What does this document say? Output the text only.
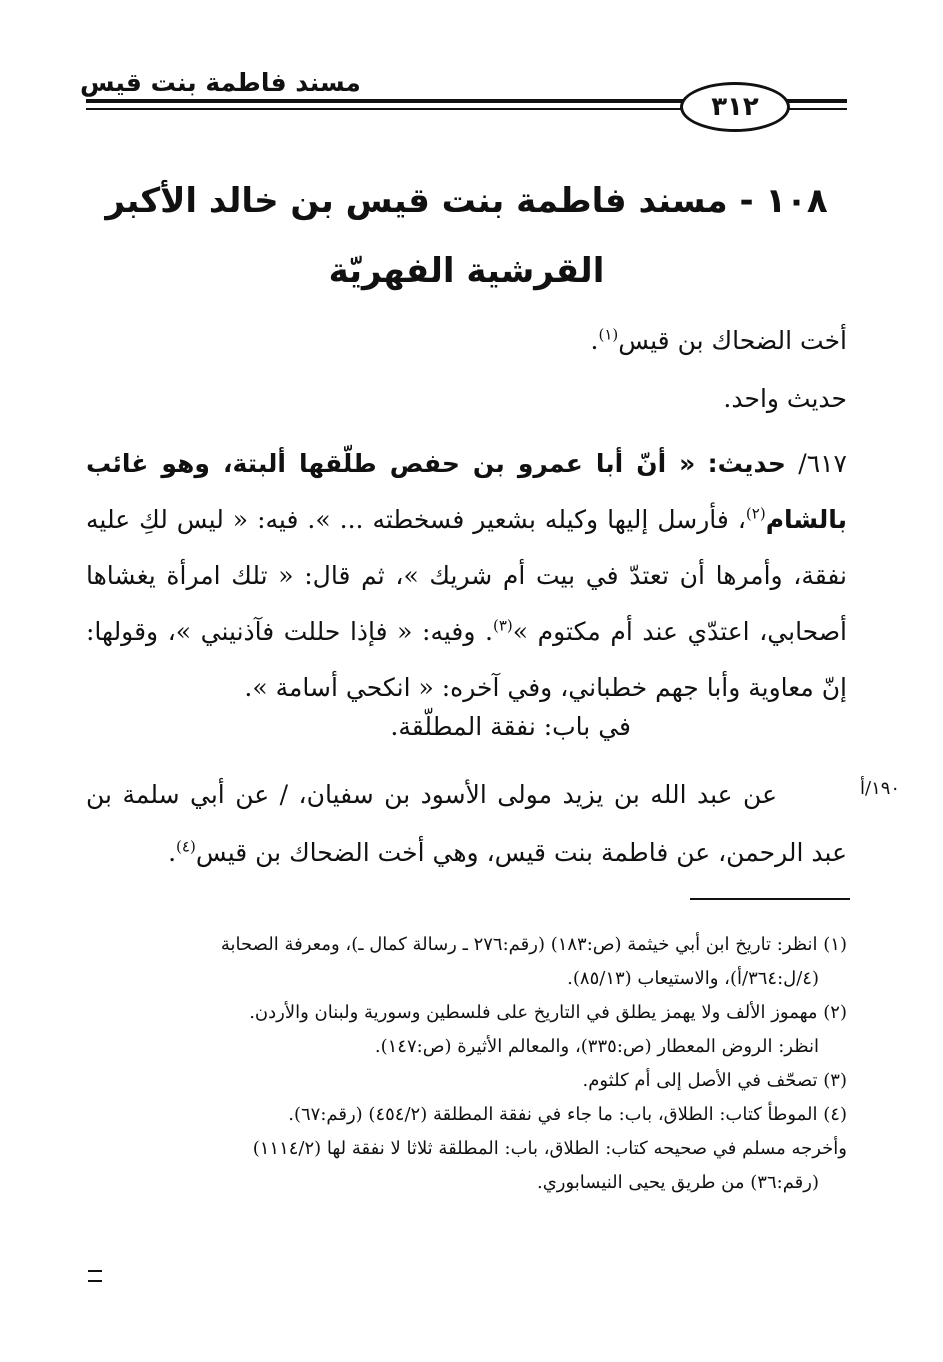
مسند فاطمة بنت قيس
٣١٢
١٠٨ - مسند فاطمة بنت قيس بن خالد الأكبر
القرشية الفهريّة
أخت الضحاك بن قيس$^{(١)}$.
حديث واحد.
٦١٧/ حديث: « أنّ أبا عمرو بن حفص طلّقها ألبتة، وهو غائب بالشام$^{(٢)}$، فأرسل إليها وكيله بشعير فسخطته ... ». فيه: « ليس لكِ عليه نفقة، وأمرها أن تعتدّ في بيت أم شريك »، ثم قال: « تلك امرأة يغشاها أصحابي، اعتدّي عند أم مكتوم »$^{(٣)}$. وفيه: « فإذا حللت فآذنيني »، وقولها: إنّ معاوية وأبا جهم خطباني، وفي آخره: « انكحي أسامة ».
في باب: نفقة المطلّقة.
١٩٠/أ
عن عبد الله بن يزيد مولى الأسود بن سفيان، / عن أبي سلمة بن عبد الرحمن، عن فاطمة بنت قيس، وهي أخت الضحاك بن قيس$^{(٤)}$.
(١) انظر: تاريخ ابن أبي خيثمة (ص:١٨٣) (رقم:٢٧٦ ـ رسالة كمال ـ)، ومعرفة الصحابة
(٤/ل:٣٦٤/أ)، والاستيعاب (٨٥/١٣).
(٢) مهموز الألف ولا يهمز يطلق في التاريخ على فلسطين وسورية ولبنان والأردن.
انظر: الروض المعطار (ص:٣٣٥)، والمعالم الأثيرة (ص:١٤٧).
(٣) تصحّف في الأصل إلى أم كلثوم.
(٤) الموطأ كتاب: الطلاق، باب: ما جاء في نفقة المطلقة (٤٥٤/٢) (رقم:٦٧).
وأخرجه مسلم في صحيحه كتاب: الطلاق، باب: المطلقة ثلاثا لا نفقة لها (١١١٤/٢)
(رقم:٣٦) من طريق يحيى النيسابوري.
